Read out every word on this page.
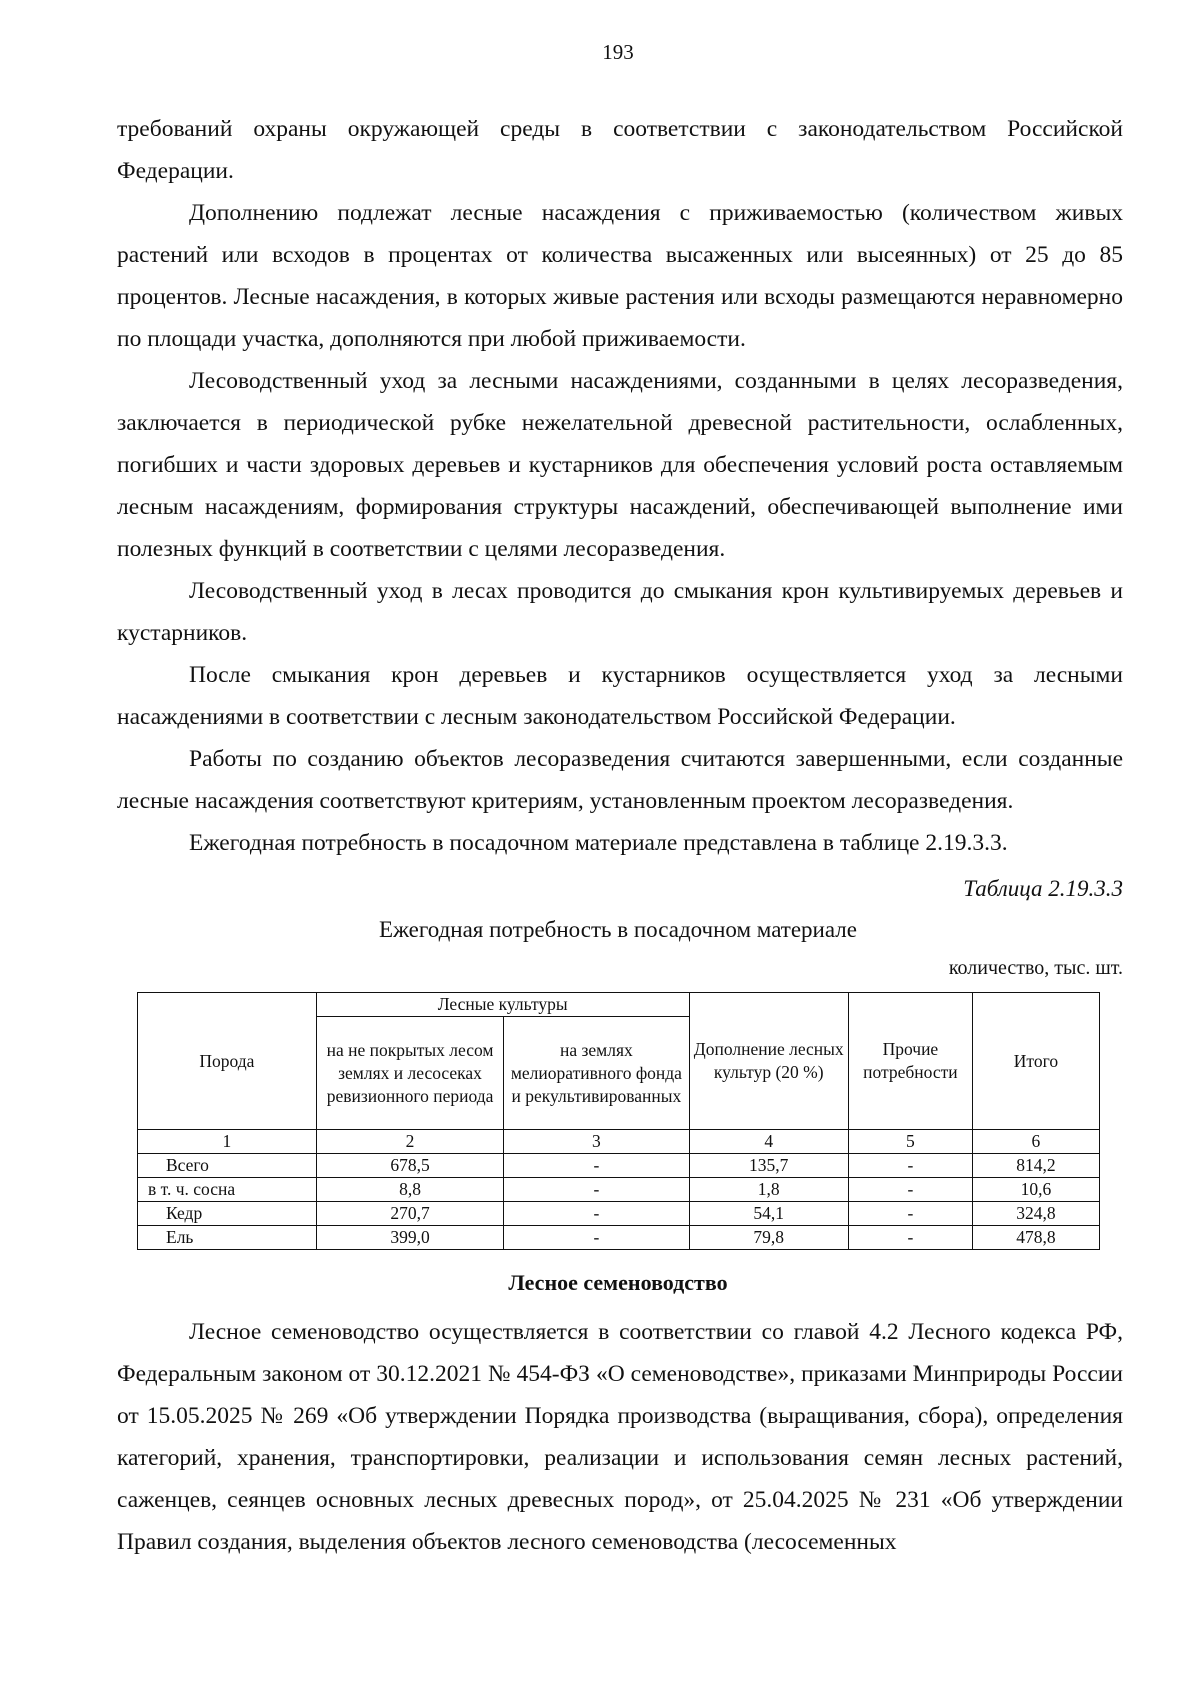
193

требований охраны окружающей среды в соответствии с законодательством Российской Федерации.

Дополнению подлежат лесные насаждения с приживаемостью (количеством живых растений или всходов в процентах от количества высаженных или высеянных) от 25 до 85 процентов. Лесные насаждения, в которых живые растения или всходы размещаются неравномерно по площади участка, дополняются при любой приживаемости.

Лесоводственный уход за лесными насаждениями, созданными в целях лесоразведения, заключается в периодической рубке нежелательной древесной растительности, ослабленных, погибших и части здоровых деревьев и кустарников для обеспечения условий роста оставляемым лесным насаждениям, формирования структуры насаждений, обеспечивающей выполнение ими полезных функций в соответствии с целями лесоразведения.

Лесоводственный уход в лесах проводится до смыкания крон культивируемых деревьев и кустарников.

После смыкания крон деревьев и кустарников осуществляется уход за лесными насаждениями в соответствии с лесным законодательством Российской Федерации.

Работы по созданию объектов лесоразведения считаются завершенными, если созданные лесные насаждения соответствуют критериям, установленным проектом лесоразведения.

Ежегодная потребность в посадочном материале представлена в таблице 2.19.3.3.

Таблица 2.19.3.3
Ежегодная потребность в посадочном материале
количество, тыс. шт.
Порода	Лесные культуры		Дополнение лесных культур (20 %)	Прочие потребности	Итого
	на не покрытых лесом землях и лесосеках ревизионного периода	на землях мелиоративного фонда и рекультивированных			
1	2	3	4	5	6
Всего	678,5	-	135,7	-	814,2
в т. ч. сосна	8,8	-	1,8	-	10,6
Кедр	270,7	-	54,1	-	324,8
Ель	399,0	-	79,8	-	478,8
Лесное семеноводство

Лесное семеноводство осуществляется в соответствии со главой 4.2 Лесного кодекса РФ, Федеральным законом от 30.12.2021 № 454-ФЗ «О семеноводстве», приказами Минприроды России от 15.05.2025 № 269 «Об утверждении Порядка производства (выращивания, сбора), определения категорий, хранения, транспортировки, реализации и использования семян лесных растений, саженцев, сеянцев основных лесных древесных пород», от 25.04.2025 № 231 «Об утверждении Правил создания, выделения объектов лесного семеноводства (лесосеменных
